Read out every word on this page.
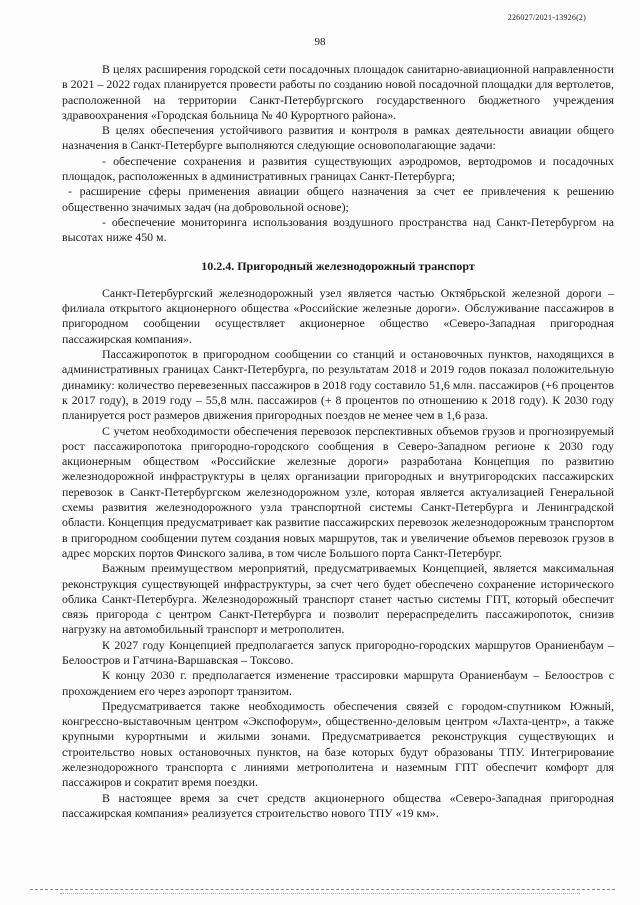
226027/2021-13926(2)
98

В целях расширения городской сети посадочных площадок санитарно-авиационной направленности в 2021 – 2022 годах планируется провести работы по созданию новой посадочной площадки для вертолетов, расположенной на территории Санкт-Петербургского государственного бюджетного учреждения здравоохранения «Городская больница № 40 Курортного района».

В целях обеспечения устойчивого развития и контроля в рамках деятельности авиации общего назначения в Санкт-Петербурге выполняются следующие основополагающие задачи:

- обеспечение сохранения и развития существующих аэродромов, вертодромов и посадочных площадок, расположенных в административных границах Санкт-Петербурга;

- расширение сферы применения авиации общего назначения за счет ее привлечения к решению общественно значимых задач (на добровольной основе);

- обеспечение мониторинга использования воздушного пространства над Санкт-Петербургом на высотах ниже 450 м.

10.2.4. Пригородный железнодорожный транспорт

Санкт-Петербургский железнодорожный узел является частью Октябрьской железной дороги – филиала открытого акционерного общества «Российские железные дороги». Обслуживание пассажиров в пригородном сообщении осуществляет акционерное общество «Северо-Западная пригородная пассажирская компания».

Пассажиропоток в пригородном сообщении со станций и остановочных пунктов, находящихся в административных границах Санкт-Петербурга, по результатам 2018 и 2019 годов показал положительную динамику: количество перевезенных пассажиров в 2018 году составило 51,6 млн. пассажиров (+6 процентов к 2017 году), в 2019 году – 55,8 млн. пассажиров (+ 8 процентов по отношению к 2018 году). К 2030 году планируется рост размеров движения пригородных поездов не менее чем в 1,6 раза.

С учетом необходимости обеспечения перевозок перспективных объемов грузов и прогнозируемый рост пассажиропотока пригородно-городского сообщения в Северо-Западном регионе к 2030 году акционерным обществом «Российские железные дороги» разработана Концепция по развитию железнодорожной инфраструктуры в целях организации пригородных и внутригородских пассажирских перевозок в Санкт-Петербургском железнодорожном узле, которая является актуализацией Генеральной схемы развития железнодорожного узла транспортной системы Санкт-Петербурга и Ленинградской области. Концепция предусматривает как развитие пассажирских перевозок железнодорожным транспортом в пригородном сообщении путем создания новых маршрутов, так и увеличение объемов перевозок грузов в адрес морских портов Финского залива, в том числе Большого порта Санкт-Петербург.

Важным преимуществом мероприятий, предусматриваемых Концепцией, является максимальная реконструкция существующей инфраструктуры, за счет чего будет обеспечено сохранение исторического облика Санкт-Петербурга. Железнодорожный транспорт станет частью системы ГПТ, который обеспечит связь пригорода с центром Санкт-Петербурга и позволит перераспределить пассажиропоток, снизив нагрузку на автомобильный транспорт и метрополитен.

К 2027 году Концепцией предполагается запуск пригородно-городских маршрутов Ораниенбаум – Белоостров и Гатчина-Варшавская – Токсово.

К концу 2030 г. предполагается изменение трассировки маршрута Ораниенбаум – Белоостров с прохождением его через аэропорт транзитом.

Предусматривается также необходимость обеспечения связей с городом-спутником Южный, конгрессно-выставочным центром «Экспофорум», общественно-деловым центром «Лахта-центр», а также крупными курортными и жилыми зонами. Предусматривается реконструкция существующих и строительство новых остановочных пунктов, на базе которых будут образованы ТПУ. Интегрирование железнодорожного транспорта с линиями метрополитена и наземным ГПТ обеспечит комфорт для пассажиров и сократит время поездки.

В настоящее время за счет средств акционерного общества «Северо-Западная пригородная пассажирская компания» реализуется строительство нового ТПУ «19 км».
